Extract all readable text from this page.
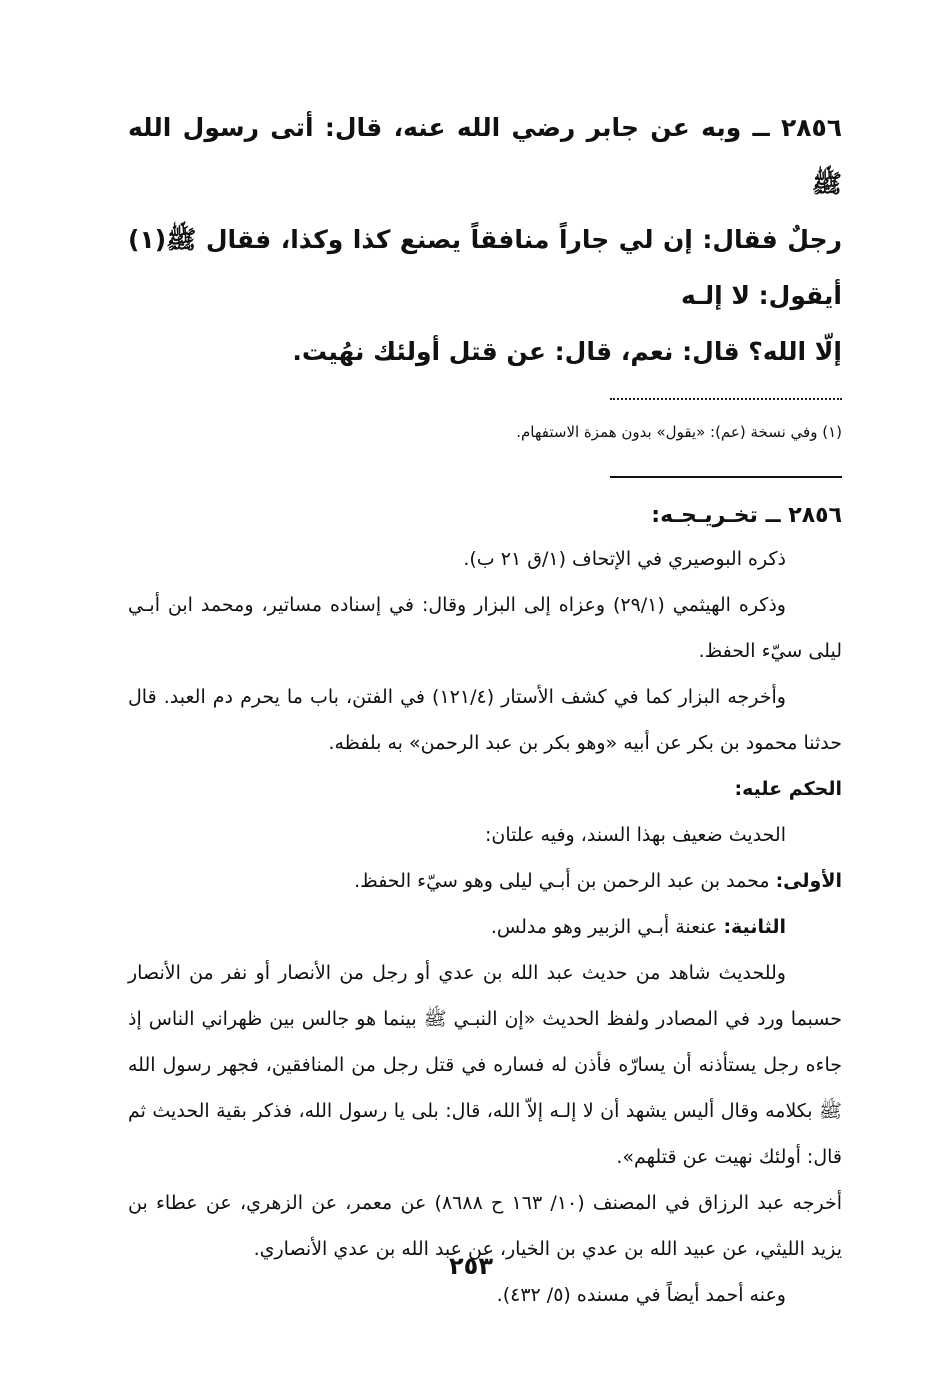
٢٨٥٦ ــ وبه عن جابر رضي الله عنه، قال: أتى رسول الله ﷺ

رجلٌ فقال: إن لي جاراً منافقاً يصنع كذا وكذا، فقال ﷺ(١) أيقول: لا إلـه

إلّا الله؟ قال: نعم، قال: عن قتل أولئك نهُيت.

(١) وفي نسخة (عم): «يقول» بدون همزة الاستفهام.
٢٨٥٦ ــ تخـريـجـه:

ذكره البوصيري في الإتحاف (١/ق ٢١ ب).

وذكره الهيثمي (٢٩/١) وعزاه إلى البزار وقال: في إسناده مساتير، ومحمد ابن أبـي ليلى سيّء الحفظ.

وأخرجه البزار كما في كشف الأستار (١٢١/٤) في الفتن، باب ما يحرم دم العبد. قال حدثنا محمود بن بكر عن أبيه «وهو بكر بن عبد الرحمن» به بلفظه.

الحكم عليه:

الحديث ضعيف بهذا السند، وفيه علتان:

الأولى: محمد بن عبد الرحمن بن أبـي ليلى وهو سيّء الحفظ.

الثانية: عنعنة أبـي الزبير وهو مدلس.

وللحديث شاهد من حديث عبد الله بن عدي أو رجل من الأنصار أو نفر من الأنصار حسبما ورد في المصادر ولفظ الحديث «إن النبـي ﷺ بينما هو جالس بين ظهراني الناس إذ جاءه رجل يستأذنه أن يسارّه فأذن له فساره في قتل رجل من المنافقين، فجهر رسول الله ﷺ بكلامه وقال أليس يشهد أن لا إلـه إلاّ الله، قال: بلى يا رسول الله، فذكر بقية الحديث ثم قال: أولئك نهيت عن قتلهم».

أخرجه عبد الرزاق في المصنف (١٠/ ١٦٣ ح ٨٦٨٨) عن معمر، عن الزهري، عن عطاء بن يزيد الليثي، عن عبيد الله بن عدي بن الخيار، عن عبد الله بن عدي الأنصاري.

وعنه أحمد أيضاً في مسنده (٥/ ٤٣٢).

٢٥٣
